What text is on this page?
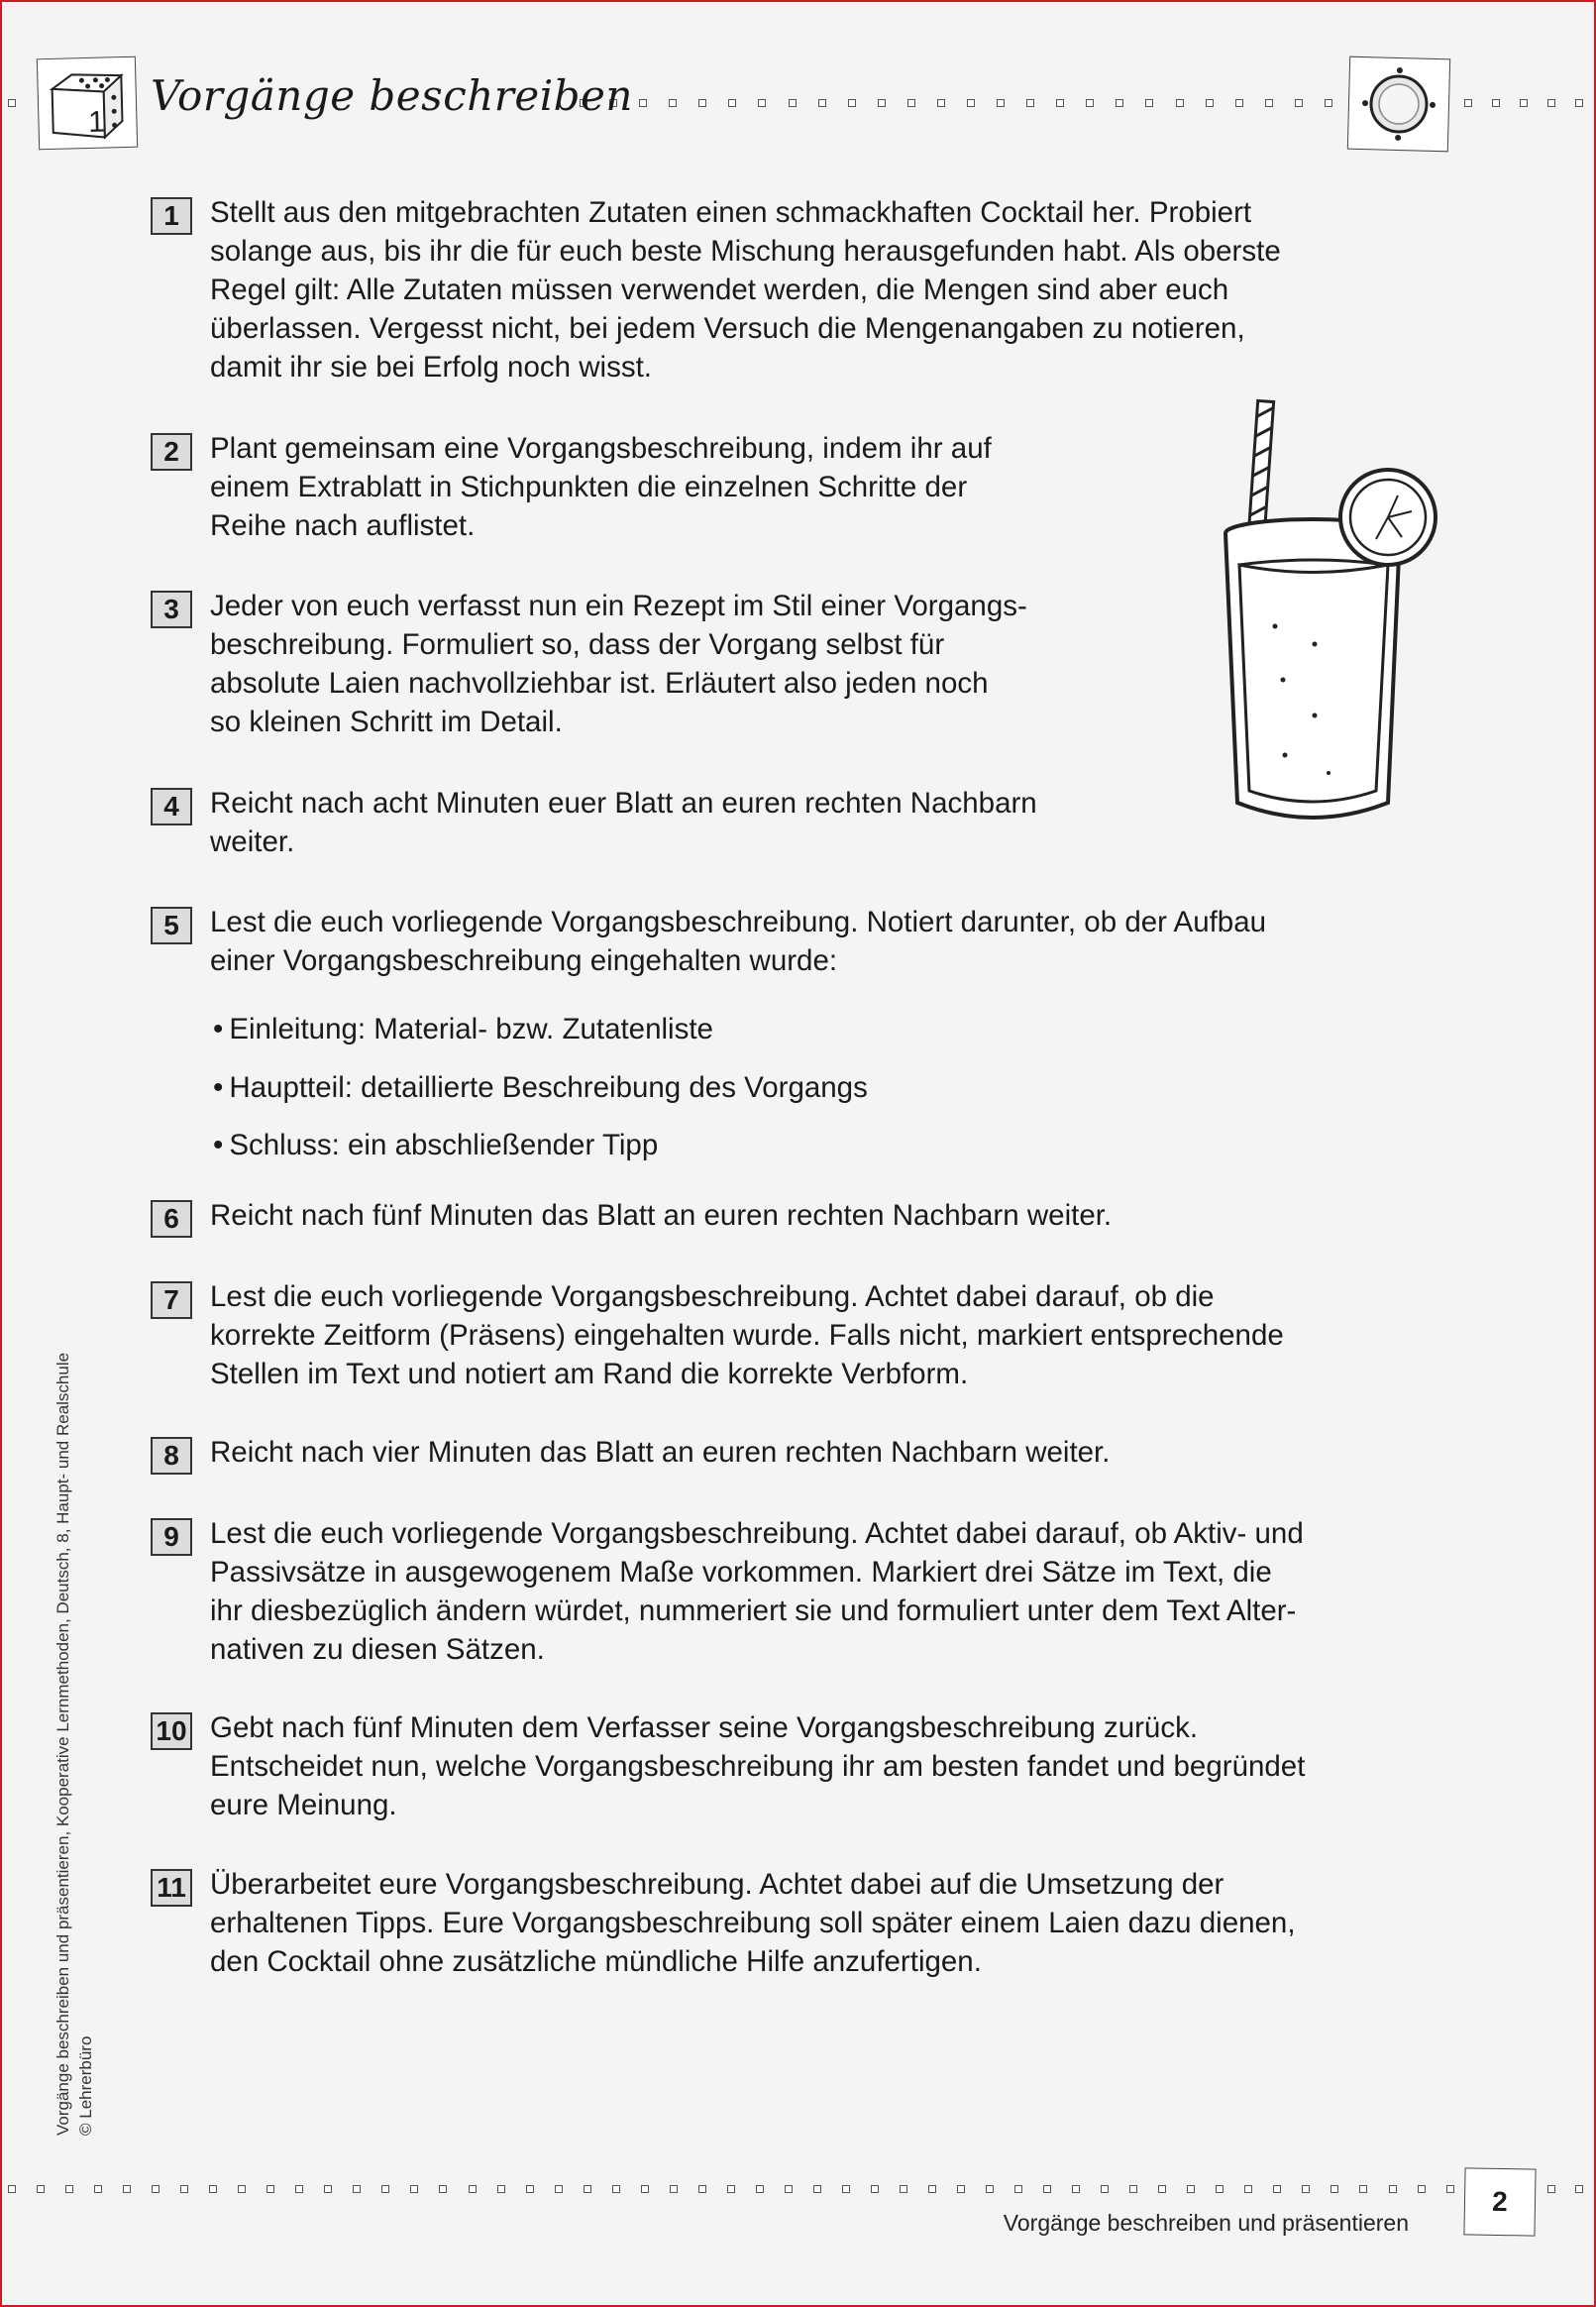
1
Vorgänge beschreiben
1	Stellt aus den mitgebrachten Zutaten einen schmackhaften Cocktail her. Probiert
solange aus, bis ihr die für euch beste Mischung herausgefunden habt. Als oberste
Regel gilt: Alle Zutaten müssen verwendet werden, die Mengen sind aber euch
überlassen. Vergesst nicht, bei jedem Versuch die Mengenangaben zu notieren,
damit ihr sie bei Erfolg noch wisst.
2	Plant gemeinsam eine Vorgangsbeschreibung, indem ihr auf
einem Extrablatt in Stichpunkten die einzelnen Schritte der
Reihe nach auflistet.
3	Jeder von euch verfasst nun ein Rezept im Stil einer Vorgangs-
beschreibung. Formuliert so, dass der Vorgang selbst für
absolute Laien nachvollziehbar ist. Erläutert also jeden noch
so kleinen Schritt im Detail.
4	Reicht nach acht Minuten euer Blatt an euren rechten Nachbarn
weiter.
5	Lest die euch vorliegende Vorgangsbeschreibung. Notiert darunter, ob der Aufbau
einer Vorgangsbeschreibung eingehalten wurde:
• Einleitung: Material- bzw. Zutatenliste
• Hauptteil: detaillierte Beschreibung des Vorgangs
• Schluss: ein abschließender Tipp
6	Reicht nach fünf Minuten das Blatt an euren rechten Nachbarn weiter.
7	Lest die euch vorliegende Vorgangsbeschreibung. Achtet dabei darauf, ob die
korrekte Zeitform (Präsens) eingehalten wurde. Falls nicht, markiert entsprechende
Stellen im Text und notiert am Rand die korrekte Verbform.
8	Reicht nach vier Minuten das Blatt an euren rechten Nachbarn weiter.
9	Lest die euch vorliegende Vorgangsbeschreibung. Achtet dabei darauf, ob Aktiv- und
Passivsätze in ausgewogenem Maße vorkommen. Markiert drei Sätze im Text, die
ihr diesbezüglich ändern würdet, nummeriert sie und formuliert unter dem Text Alter-
nativen zu diesen Sätzen.
10 Gebt nach fünf Minuten dem Verfasser seine Vorgangsbeschreibung zurück.
Entscheidet nun, welche Vorgangsbeschreibung ihr am besten fandet und begründet
eure Meinung.
11 Überarbeitet eure Vorgangsbeschreibung. Achtet dabei auf die Umsetzung der
erhaltenen Tipps. Eure Vorgangsbeschreibung soll später einem Laien dazu dienen,
den Cocktail ohne zusätzliche mündliche Hilfe anzufertigen.
Vorgänge beschreiben und präsentieren, Kooperative Lernmethoden, Deutsch, 8, Haupt- und Realschule © Lehrerbüro
2
Vorgänge beschreiben und präsentieren
